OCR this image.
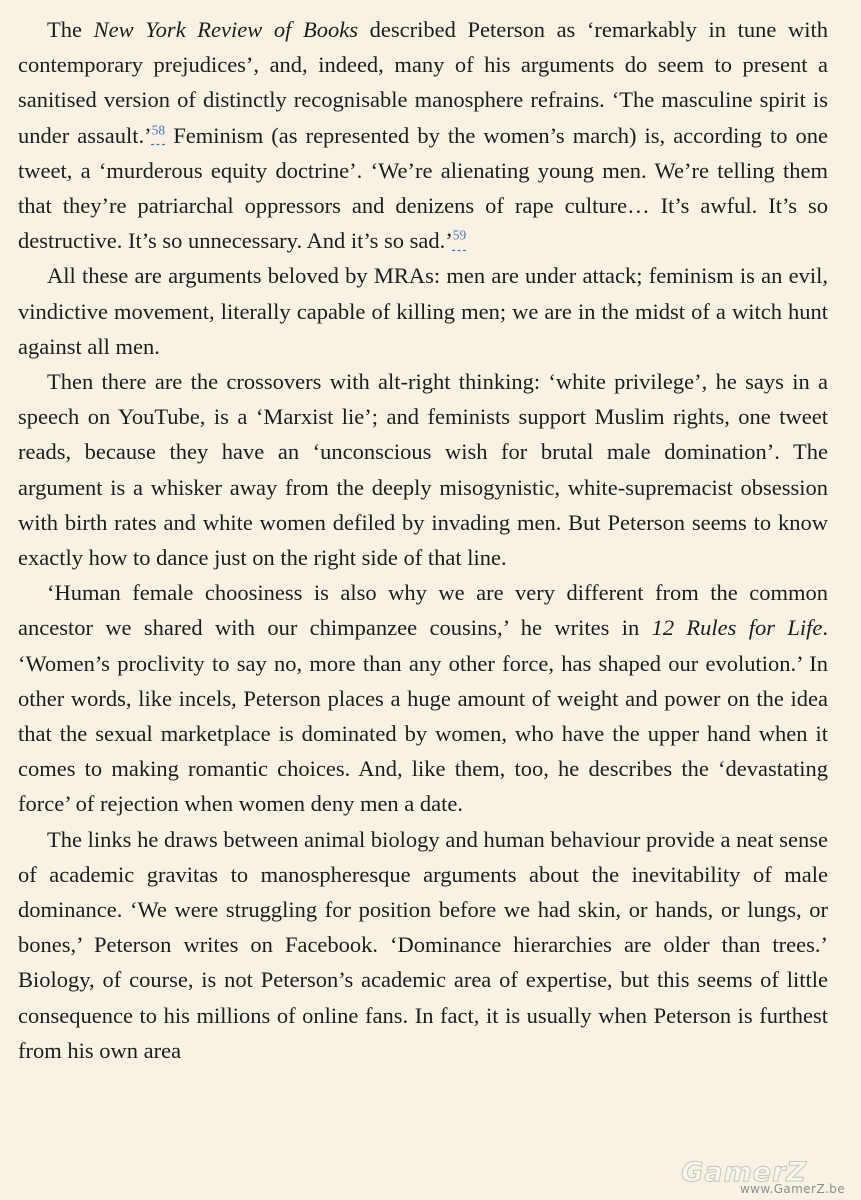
The New York Review of Books described Peterson as ‘remarkably in tune with contemporary prejudices’, and, indeed, many of his arguments do seem to present a sanitised version of distinctly recognisable manosphere refrains. ‘The masculine spirit is under assault.’$^{58}$ Feminism (as represented by the women’s march) is, according to one tweet, a ‘murderous equity doctrine’. ‘We’re alienating young men. We’re telling them that they’re patriarchal oppressors and denizens of rape culture… It’s awful. It’s so destructive. It’s so unnecessary. And it’s so sad.’$^{59}$

All these are arguments beloved by MRAs: men are under attack; feminism is an evil, vindictive movement, literally capable of killing men; we are in the midst of a witch hunt against all men.

Then there are the crossovers with alt-right thinking: ‘white privilege’, he says in a speech on YouTube, is a ‘Marxist lie’; and feminists support Muslim rights, one tweet reads, because they have an ‘unconscious wish for brutal male domination’. The argument is a whisker away from the deeply misogynistic, white-supremacist obsession with birth rates and white women defiled by invading men. But Peterson seems to know exactly how to dance just on the right side of that line.

‘Human female choosiness is also why we are very different from the common ancestor we shared with our chimpanzee cousins,’ he writes in 12 Rules for Life. ‘Women’s proclivity to say no, more than any other force, has shaped our evolution.’ In other words, like incels, Peterson places a huge amount of weight and power on the idea that the sexual marketplace is dominated by women, who have the upper hand when it comes to making romantic choices. And, like them, too, he describes the ‘devastating force’ of rejection when women deny men a date.

The links he draws between animal biology and human behaviour provide a neat sense of academic gravitas to manospheresque arguments about the inevitability of male dominance. ‘We were struggling for position before we had skin, or hands, or lungs, or bones,’ Peterson writes on Facebook. ‘Dominance hierarchies are older than trees.’ Biology, of course, is not Peterson’s academic area of expertise, but this seems of little consequence to his millions of online fans. In fact, it is usually when Peterson is furthest from his own area

GamerZ
www.GamerZ.be
